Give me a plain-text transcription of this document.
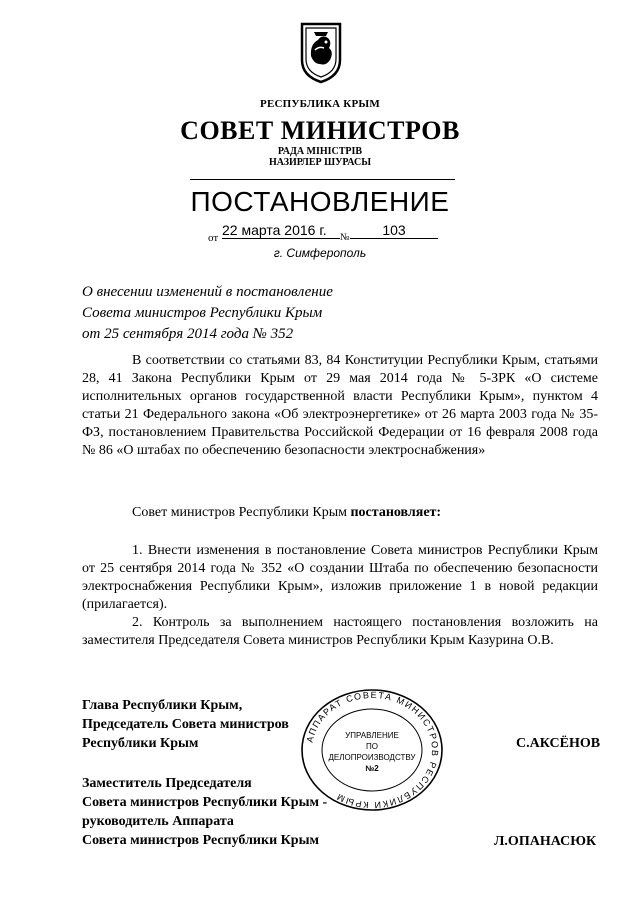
РЕСПУБЛИКА КРЫМ
СОВЕТ МИНИСТРОВ
РАДА МІНІСТРІВ
НАЗИРЛЕР ШУРАСЫ
ПОСТАНОВЛЕНИЕ
от 22 марта 2016 г.	№	103
г. Симферополь
О внесении изменений в постановление
Совета министров Республики Крым
от 25 сентября 2014 года № 352
В соответствии со статьями 83, 84 Конституции Республики Крым, статьями 28, 41 Закона Республики Крым от 29 мая 2014 года № 5-ЗРК «О системе исполнительных органов государственной власти Республики Крым», пунктом 4 статьи 21 Федерального закона «Об электроэнергетике» от 26 марта 2003 года № 35-ФЗ, постановлением Правительства Российской Федерации от 16 февраля 2008 года № 86 «О штабах по обеспечению безопасности электроснабжения»
Совет министров Республики Крым постановляет:
1. Внести изменения в постановление Совета министров Республики Крым от 25 сентября 2014 года № 352 «О создании Штаба по обеспечению безопасности электроснабжения Республики Крым», изложив приложение 1 в новой редакции (прилагается).
2. Контроль за выполнением настоящего постановления возложить на заместителя Председателя Совета министров Республики Крым Казурина О.В.
Глава Республики Крым,
Председатель Совета министров
Республики Крым	С.АКСЁНОВ
Заместитель Председателя
Совета министров Республики Крым -
руководитель Аппарата
Совета министров Республики Крым	Л.ОПАНАСЮК
АППАРАТ СОВЕТА МИНИСТРОВ РЕСПУБЛИКИ КРЫМ
УПРАВЛЕНИЕ
ПО
ДЕЛОПРОИЗВОДСТВУ
№2
